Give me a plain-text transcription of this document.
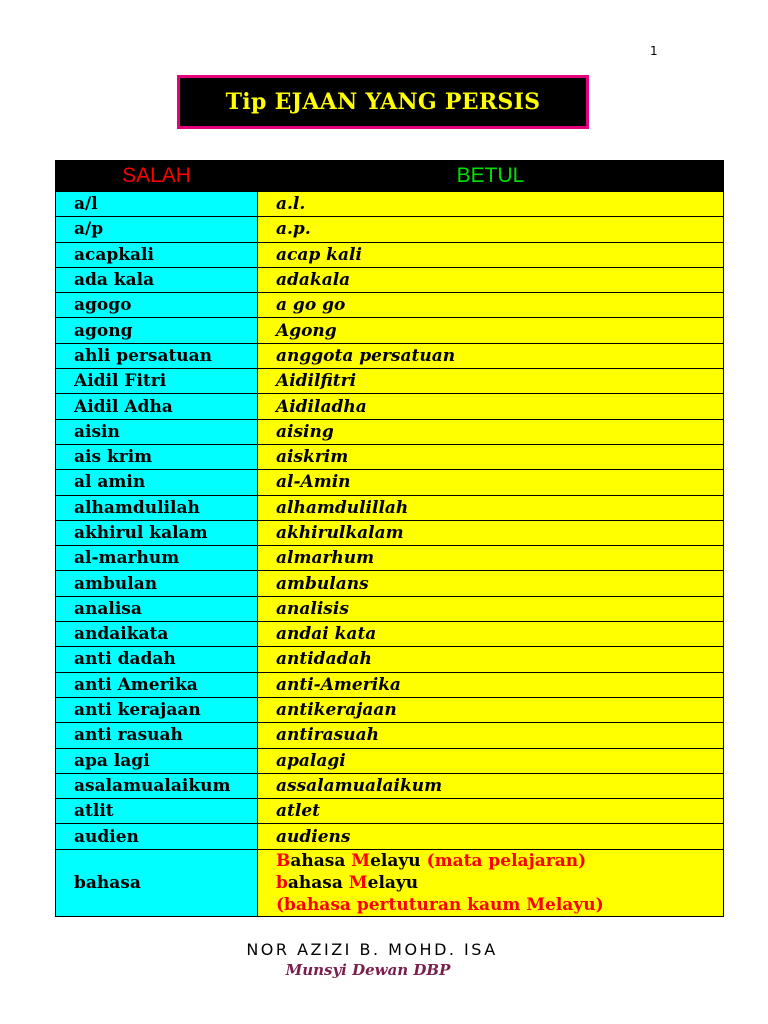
1
Tip EJAAN YANG PERSIS
SALAH	BETUL
a/l	a.l.
a/p	a.p.
acapkali	acap kali
ada kala	adakala
agogo	a go go
agong	Agong
ahli persatuan	anggota persatuan
Aidil Fitri	Aidilfitri
Aidil Adha	Aidiladha
aisin	aising
ais krim	aiskrim
al amin	al-Amin
alhamdulilah	alhamdulillah
akhirul kalam	akhirulkalam
al-marhum	almarhum
ambulan	ambulans
analisa	analisis
andaikata	andai kata
anti dadah	antidadah
anti Amerika	anti-Amerika
anti kerajaan	antikerajaan
anti rasuah	antirasuah
apa lagi	apalagi
asalamualaikum	assalamualaikum
atlit	atlet
audien	audiens
bahasa	Bahasa Melayu (mata pelajaran)
bahasa Melayu
(bahasa pertuturan kaum Melayu)
NOR AZIZI B. MOHD. ISA
Munsyi Dewan DBP
